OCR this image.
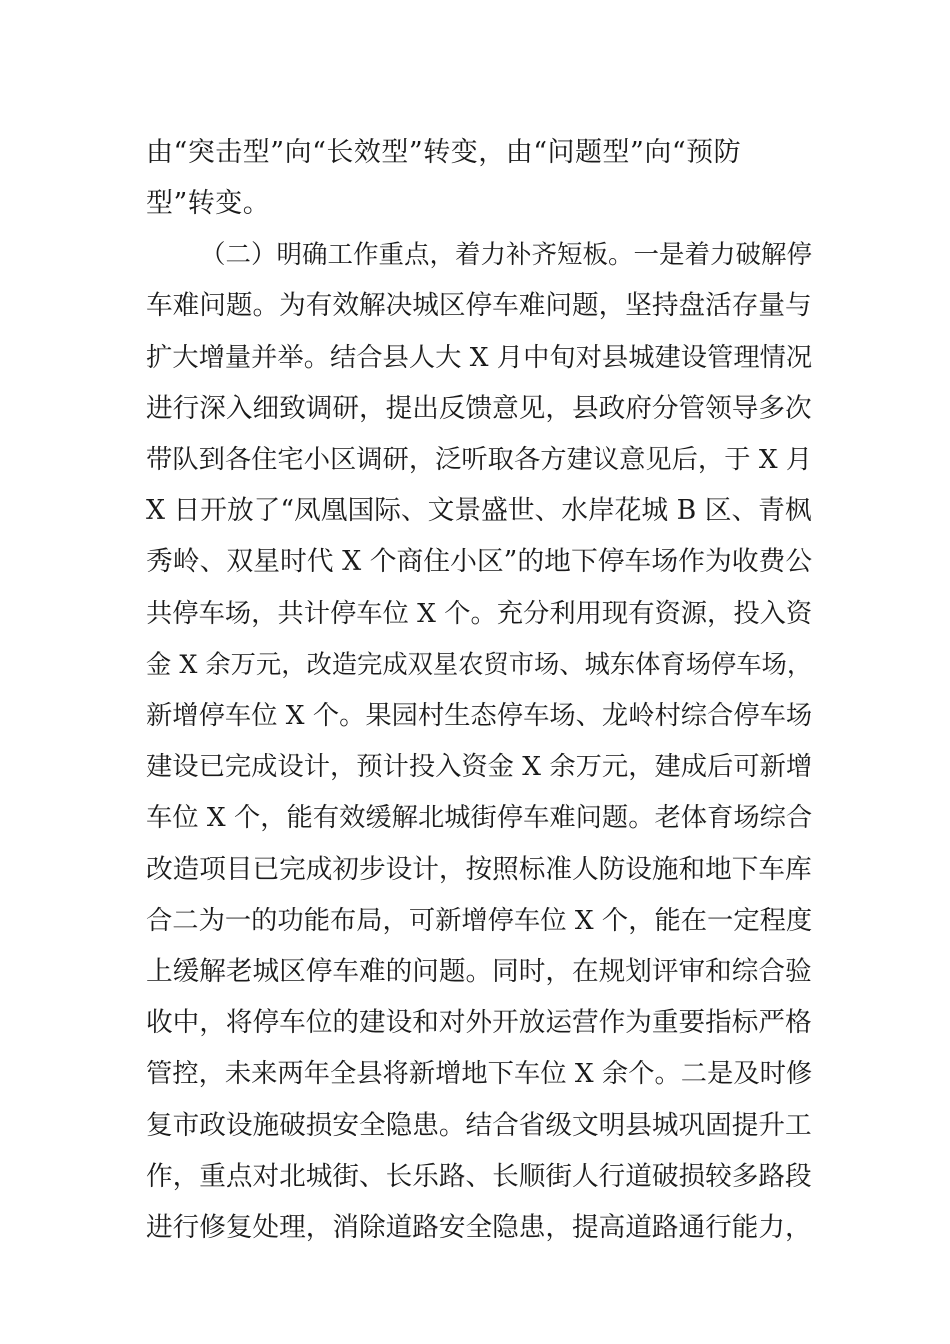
由“突击型”向“长效型”转变，由“问题型”向“预防
型”转变。
（二）明确工作重点，着力补齐短板。一是着力破解停
车难问题。为有效解决城区停车难问题，坚持盘活存量与
扩大增量并举。结合县人大 X 月中旬对县城建设管理情况
进行深入细致调研，提出反馈意见，县政府分管领导多次
带队到各住宅小区调研，泛听取各方建议意见后，于 X 月
X 日开放了“凤凰国际、文景盛世、水岸花城 B 区、青枫
秀岭、双星时代 X 个商住小区”的地下停车场作为收费公
共停车场，共计停车位 X 个。充分利用现有资源，投入资
金 X 余万元，改造完成双星农贸市场、城东体育场停车场，
新增停车位 X 个。果园村生态停车场、龙岭村综合停车场
建设已完成设计，预计投入资金 X 余万元，建成后可新增
车位 X 个，能有效缓解北城街停车难问题。老体育场综合
改造项目已完成初步设计，按照标准人防设施和地下车库
合二为一的功能布局，可新增停车位 X 个，能在一定程度
上缓解老城区停车难的问题。同时，在规划评审和综合验
收中，将停车位的建设和对外开放运营作为重要指标严格
管控，未来两年全县将新增地下车位 X 余个。二是及时修
复市政设施破损安全隐患。结合省级文明县城巩固提升工
作，重点对北城街、长乐路、长顺街人行道破损较多路段
进行修复处理，消除道路安全隐患，提高道路通行能力，
